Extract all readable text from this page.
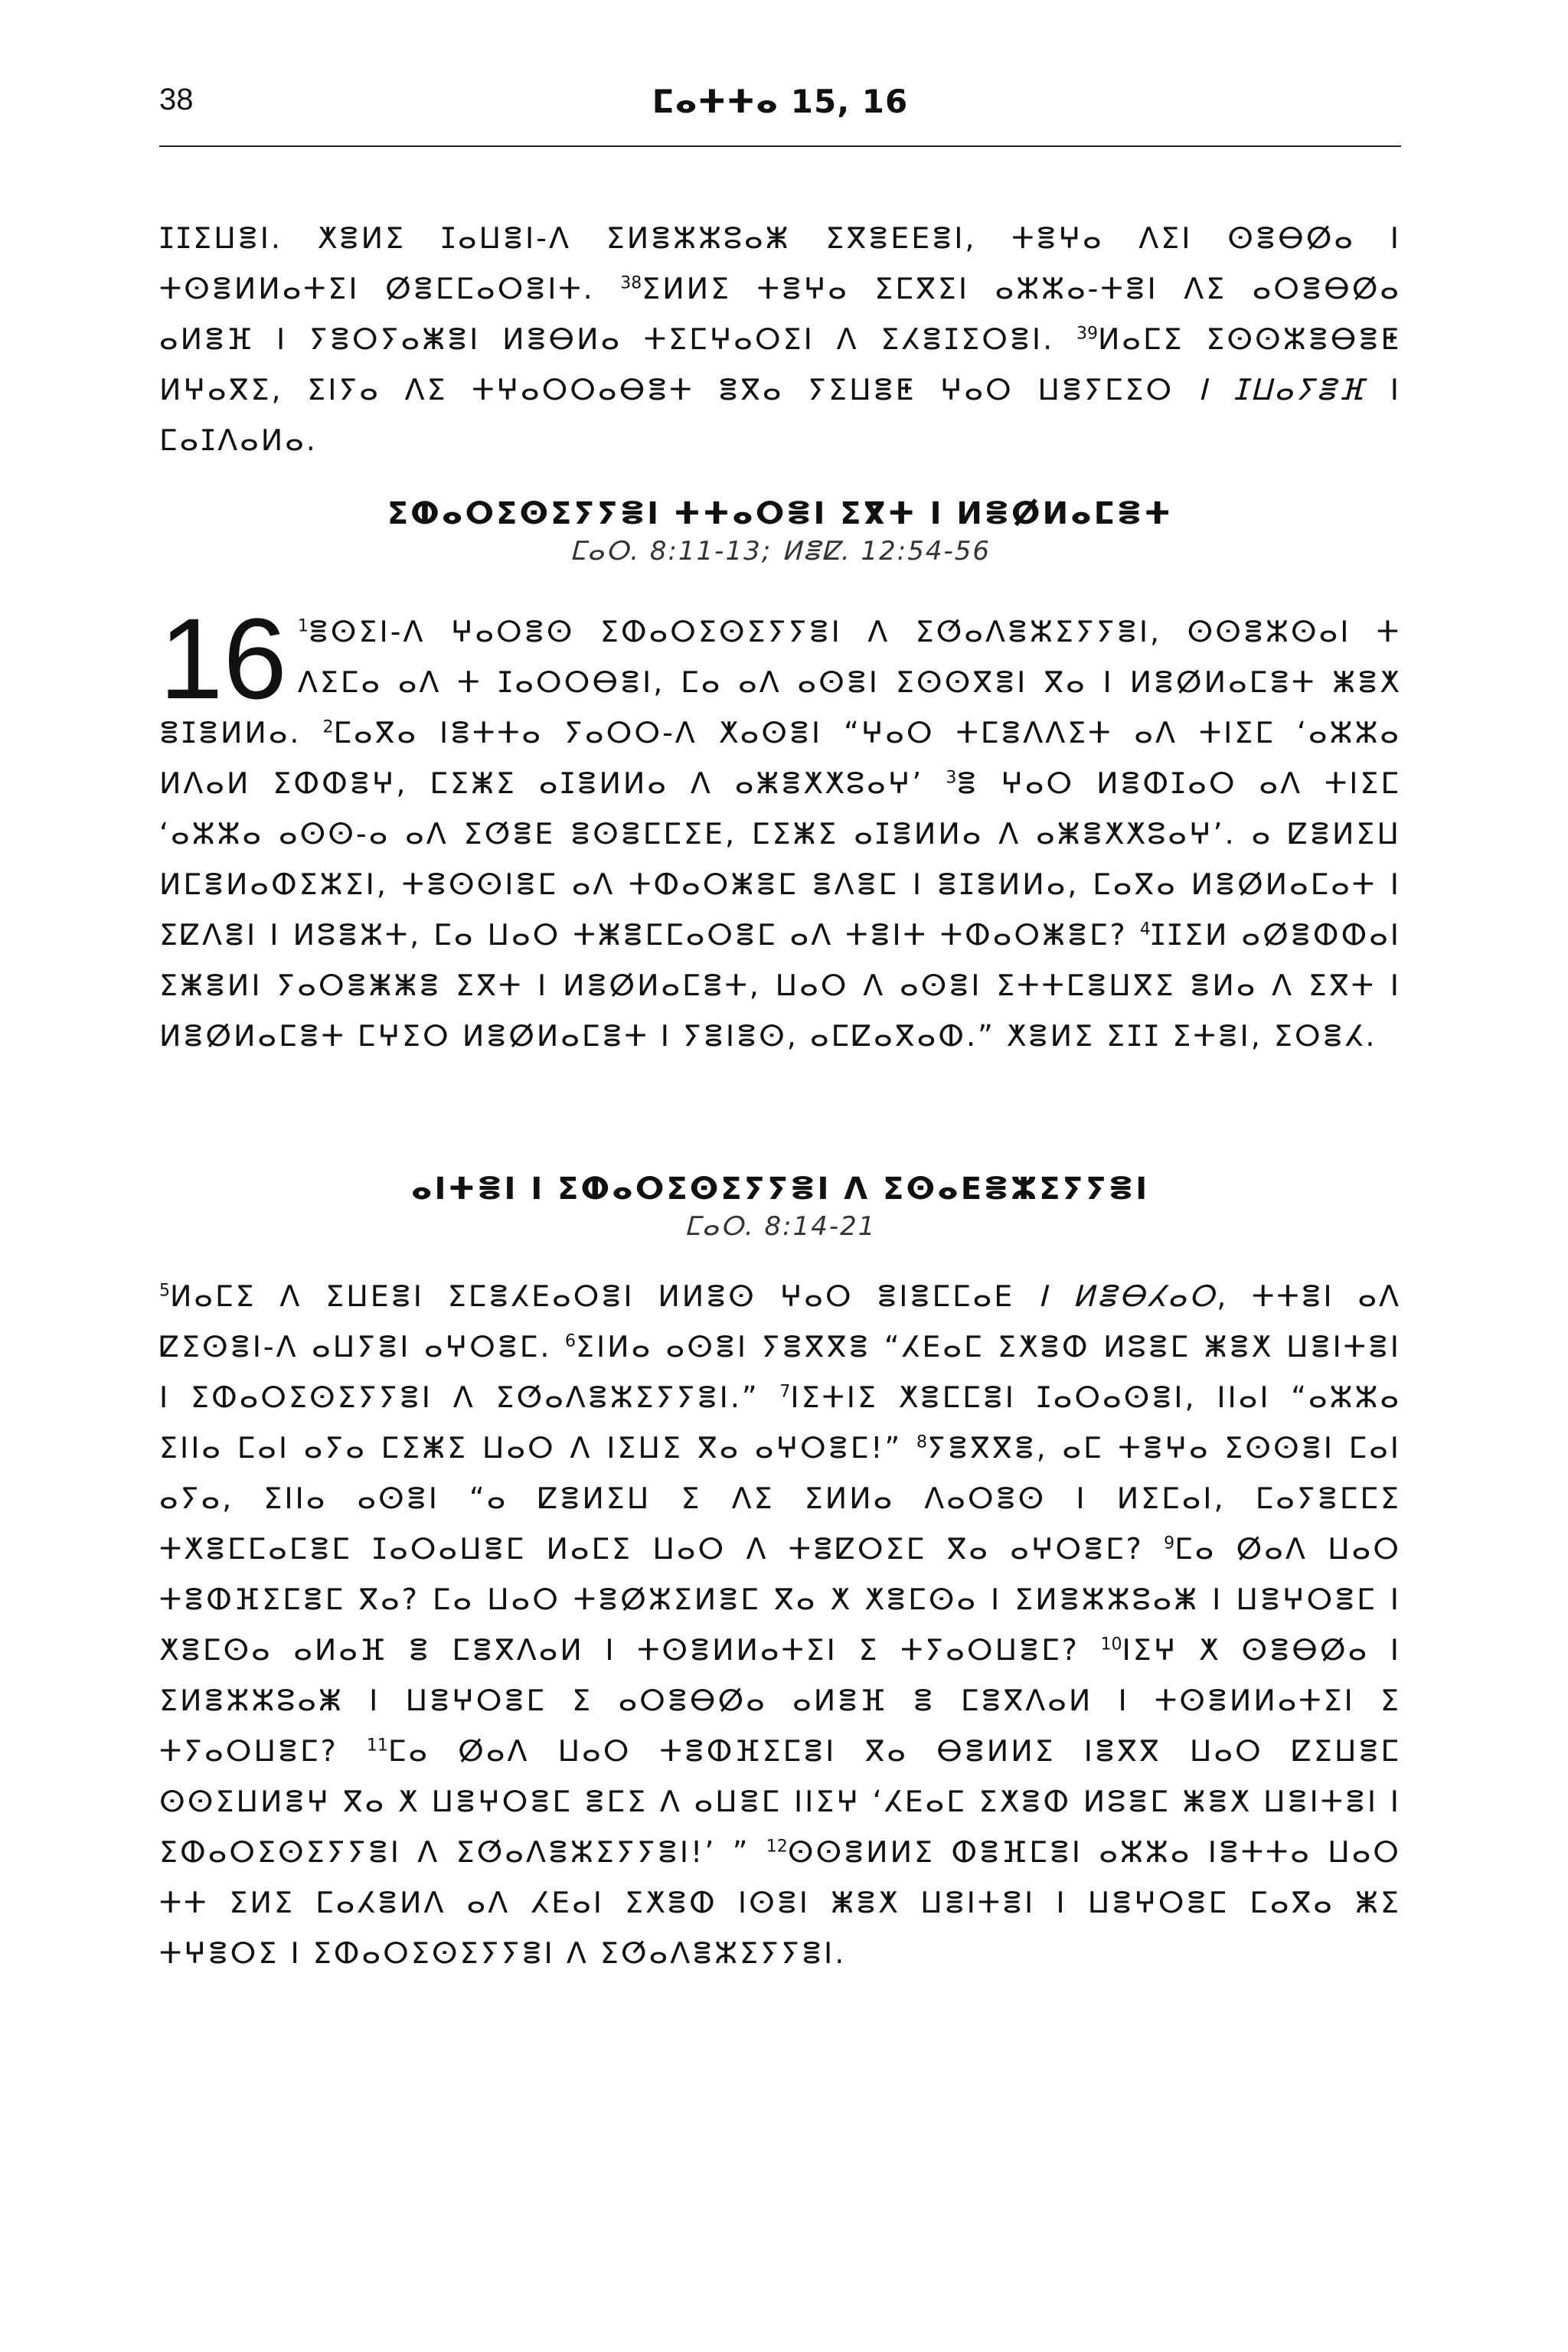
38	ⵎⴰⵜⵜⴰ 15, 16

ⵊⵊⵉⵡⴻⵏ. ⵅⴻⵍⵉ ⵊⴰⵡⴻⵏ-ⴷ ⵉⵍⴻⵣⵣⵓⴰⵥ ⵉⴳⴻⴹⴹⴻⵏ, ⵜⴻⵖⴰ ⴷⵉⵏ ⵙⴻⴱⵁⴰ ⵏ ⵜⵙⴻⵍⵍⴰⵜⵉⵏ ⵁⴻⵎⵎⴰⵔⴻⵏⵜ. $^{38}$ⵉⵍⵍⵉ ⵜⴻⵖⴰ ⵉⵎⴳⵉⵏ ⴰⵣⵣⴰ-ⵜⴻⵏ ⴷⵉ ⴰⵔⴻⴱⵁⴰ ⴰⵍⴻⴼ ⵏ ⵢⴻⵔⵢⴰⵥⴻⵏ ⵍⴻⴱⵍⴰ ⵜⵉⵎⵖⴰⵔⵉⵏ ⴷ ⵉⵃⴻⵊⵉⵔⴻⵏ. $^{39}$ⵍⴰⵎⵉ ⵉⵙⵙⵣⴻⴱⴻⵟ ⵍⵖⴰⴳⵉ, ⵉⵏⵢⴰ ⴷⵉ ⵜⵖⴰⵔⵔⴰⴱⴻⵜ ⴻⴳⴰ ⵢⵉⵡⴻⵟ ⵖⴰⵔ ⵡⴻⵢⵎⵉⵔ ⵏ ⵊⵡⴰⵢⴻⴼ ⵏ ⵎⴰⵊⴷⴰⵍⴰ.

ⵉⵀⴰⵔⵉⵙⵉⵢⵢⴻⵏ ⵜⵜⴰⵔⴻⵏ ⵉⴳⵜ ⵏ ⵍⴻⵁⵍⴰⵎⴻⵜ

ⵎⴰⵔ. 8:11-13; ⵍⴻⵇ. 12:54-56

16 $^1$ⴻⵙⵉⵏ-ⴷ ⵖⴰⵔⴻⵙ ⵉⵀⴰⵔⵉⵙⵉⵢⵢⴻⵏ ⴷ ⵉⵚⴰⴷⴻⵣⵉⵢⵢⴻⵏ, ⵙⵙⴻⵣⵙⴰⵏ ⵜ ⴷⵉⵎⴰ ⴰⴷ ⵜ ⵊⴰⵔⵔⴱⴻⵏ, ⵎⴰ ⴰⴷ ⴰⵙⴻⵏ ⵉⵙⵙⴳⴻⵏ ⴳⴰ ⵏ ⵍⴻⵁⵍⴰⵎⴻⵜ ⵥⴻⵅ ⴻⵊⴻⵍⵍⴰ. $^2$ⵎⴰⴳⴰ ⵏⴻⵜⵜⴰ ⵢⴰⵔⵔ-ⴷ ⵅⴰⵙⴻⵏ “ⵖⴰⵔ ⵜⵎⴻⴷⴷⵉⵜ ⴰⴷ ⵜⵏⵉⵎ ‘ⴰⵣⵣⴰ ⵍⴷⴰⵍ ⵉⵀⵀⴻⵖ, ⵎⵉⵥⵉ ⴰⵊⴻⵍⵍⴰ ⴷ ⴰⵥⴻⵅⵅⵓⴰⵖ’ $^3$ⴻ ⵖⴰⵔ ⵍⴻⵀⵊⴰⵔ ⴰⴷ ⵜⵏⵉⵎ ‘ⴰⵣⵣⴰ ⴰⵙⵙ-ⴰ ⴰⴷ ⵉⵚⴻⴹ ⴻⵙⴻⵎⵎⵉⴹ, ⵎⵉⵥⵉ ⴰⵊⴻⵍⵍⴰ ⴷ ⴰⵥⴻⵅⵅⵓⴰⵖ’. ⴰ ⵇⴻⵍⵉⵡ ⵍⵎⴻⵍⴰⵀⵉⵣⵉⵏ, ⵜⴻⵙⵙⵏⴻⵎ ⴰⴷ ⵜⵀⴰⵔⵥⴻⵎ ⴻⴷⴻⵎ ⵏ ⴻⵊⴻⵍⵍⴰ, ⵎⴰⴳⴰ ⵍⴻⵁⵍⴰⵎⴰⵜ ⵏ ⵉⵇⴷⴻⵏ ⵏ ⵍⵓⴻⵣⵜ, ⵎⴰ ⵡⴰⵔ ⵜⵥⴻⵎⵎⴰⵔⴻⵎ ⴰⴷ ⵜⴻⵏⵜ ⵜⵀⴰⵔⵥⴻⵎ? $^4$ⵊⵊⵉⵍ ⴰⵁⴻⵀⵀⴰⵏ ⵉⵥⴻⵍⵏ ⵢⴰⵔⴻⵥⵥⴻ ⵉⴳⵜ ⵏ ⵍⴻⵁⵍⴰⵎⴻⵜ, ⵡⴰⵔ ⴷ ⴰⵙⴻⵏ ⵉⵜⵜⵎⴻⵡⴳⵉ ⴻⵍⴰ ⴷ ⵉⴳⵜ ⵏ ⵍⴻⵁⵍⴰⵎⴻⵜ ⵎⵖⵉⵔ ⵍⴻⵁⵍⴰⵎⴻⵜ ⵏ ⵢⴻⵏⴻⵙ, ⴰⵎⵇⴰⴳⴰⵀ.” ⵅⴻⵍⵉ ⵉⵊⵊ ⵉⵜⴻⵏ, ⵉⵔⴻⵃ.

ⴰⵏⵜⴻⵏ ⵏ ⵉⵀⴰⵔⵉⵙⵉⵢⵢⴻⵏ ⴷ ⵉⵙⴰⴹⴻⵣⵉⵢⵢⴻⵏ

ⵎⴰⵔ. 8:14-21

$^5$ⵍⴰⵎⵉ ⴷ ⵉⵡⴹⴻⵏ ⵉⵎⴻⵃⴹⴰⵔⴻⵏ ⵍⵍⴻⵙ ⵖⴰⵔ ⴻⵏⴻⵎⵎⴰⴹ ⵏ ⵍⴻⴱⵃⴰⵔ, ⵜⵜⴻⵏ ⴰⴷ ⵇⵉⵙⴻⵏ-ⴷ ⴰⵡⵢⴻⵏ ⴰⵖⵔⴻⵎ. $^6$ⵉⵏⵍⴰ ⴰⵙⴻⵏ ⵢⴻⴳⴳⴻ “ⵃⴹⴰⵎ ⵉⵅⴻⵀ ⵍⵓⴻⵎ ⵥⴻⵅ ⵡⴻⵏⵜⴻⵏ ⵏ ⵉⵀⴰⵔⵉⵙⵉⵢⵢⴻⵏ ⴷ ⵉⵚⴰⴷⴻⵣⵉⵢⵢⴻⵏ.” $^7$ⵏⵉⵜⵏⵉ ⵅⴻⵎⵎⴻⵏ ⵊⴰⵔⴰⵙⴻⵏ, ⵏⵏⴰⵏ “ⴰⵣⵣⴰ ⵉⵏⵏⴰ ⵎⴰⵏ ⴰⵢⴰ ⵎⵉⵥⵉ ⵡⴰⵔ ⴷ ⵏⵉⵡⵉ ⴳⴰ ⴰⵖⵔⴻⵎ!” $^8$ⵢⴻⴳⴳⴻ, ⴰⵎ ⵜⴻⵖⴰ ⵉⵙⵙⴻⵏ ⵎⴰⵏ ⴰⵢⴰ, ⵉⵏⵏⴰ ⴰⵙⴻⵏ “ⴰ ⵇⴻⵍⵉⵡ ⵉ ⴷⵉ ⵉⵍⵍⴰ ⴷⴰⵔⴻⵙ ⵏ ⵍⵉⵎⴰⵏ, ⵎⴰⵢⴻⵎⵎⵉ ⵜⵅⴻⵎⵎⴰⵎⴻⵎ ⵊⴰⵔⴰⵡⴻⵎ ⵍⴰⵎⵉ ⵡⴰⵔ ⴷ ⵜⴻⵇⵔⵉⵎ ⴳⴰ ⴰⵖⵔⴻⵎ? $^9$ⵎⴰ ⵁⴰⴷ ⵡⴰⵔ ⵜⴻⵀⴼⵉⵎⴻⵎ ⴳⴰ? ⵎⴰ ⵡⴰⵔ ⵜⴻⵁⵣⵉⵍⴻⵎ ⴳⴰ ⵅ ⵅⴻⵎⵙⴰ ⵏ ⵉⵍⴻⵣⵣⵓⴰⵥ ⵏ ⵡⴻⵖⵔⴻⵎ ⵏ ⵅⴻⵎⵙⴰ ⴰⵍⴰⴼ ⴻ ⵎⴻⴳⴷⴰⵍ ⵏ ⵜⵙⴻⵍⵍⴰⵜⵉⵏ ⵉ ⵜⵢⴰⵔⵡⴻⵎ? $^{10}$ⵏⵉⵖ ⵅ ⵙⴻⴱⵁⴰ ⵏ ⵉⵍⴻⵣⵣⵓⴰⵥ ⵏ ⵡⴻⵖⵔⴻⵎ ⵉ ⴰⵔⴻⴱⵁⴰ ⴰⵍⴻⴼ ⴻ ⵎⴻⴳⴷⴰⵍ ⵏ ⵜⵙⴻⵍⵍⴰⵜⵉⵏ ⵉ ⵜⵢⴰⵔⵡⴻⵎ? $^{11}$ⵎⴰ ⵁⴰⴷ ⵡⴰⵔ ⵜⴻⵀⴼⵉⵎⴻⵏ ⴳⴰ ⴱⴻⵍⵍⵉ ⵏⴻⴳⴳ ⵡⴰⵔ ⵇⵉⵡⴻⵎ ⵙⵙⵉⵡⵍⴻⵖ ⴳⴰ ⵅ ⵡⴻⵖⵔⴻⵎ ⴻⵎⵉ ⴷ ⴰⵡⴻⵎ ⵏⵏⵉⵖ ‘ⵃⴹⴰⵎ ⵉⵅⴻⵀ ⵍⵓⴻⵎ ⵥⴻⵅ ⵡⴻⵏⵜⴻⵏ ⵏ ⵉⵀⴰⵔⵉⵙⵉⵢⵢⴻⵏ ⴷ ⵉⵚⴰⴷⴻⵣⵉⵢⵢⴻⵏ!’ ” $^{12}$ⵙⵙⴻⵍⵍⵉ ⵀⴻⴼⵎⴻⵏ ⴰⵣⵣⴰ ⵏⴻⵜⵜⴰ ⵡⴰⵔ ⵜⵜ ⵉⵍⵉ ⵎⴰⵃⴻⵍⴷ ⴰⴷ ⵃⴹⴰⵏ ⵉⵅⴻⵀ ⵏⵙⴻⵏ ⵥⴻⵅ ⵡⴻⵏⵜⴻⵏ ⵏ ⵡⴻⵖⵔⴻⵎ ⵎⴰⴳⴰ ⵥⵉ ⵜⵖⴻⵔⵉ ⵏ ⵉⵀⴰⵔⵉⵙⵉⵢⵢⴻⵏ ⴷ ⵉⵚⴰⴷⴻⵣⵉⵢⵢⴻⵏ.
